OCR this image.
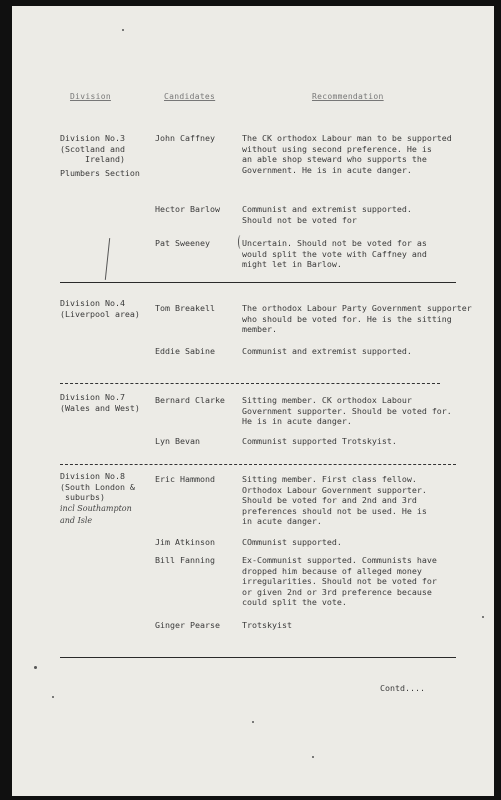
Division	Candidates	Recommendation
Division No.3
(Scotland and
Ireland)
Plumbers Section
John Caffney	The CK orthodox Labour man to be supported
without using second preference. He is
an able shop steward who supports the
Government. He is in acute danger.
Hector Barlow	Communist and extremist supported.
Should not be voted for
Pat Sweeney	Uncertain. Should not be voted for as
would split the vote with Caffney and
might let in Barlow.
Division No.4
(Liverpool area)
Tom Breakell	The orthodox Labour Party Government supporter
who should be voted for. He is the sitting
member.
Eddie Sabine	Communist and extremist supported.
Division No.7
(Wales and West)
Bernard Clarke	Sitting member. CK orthodox Labour
Government supporter. Should be voted for.
He is in acute danger.
Lyn Bevan	Communist supported Trotskyist.
Division No.8
(South London &
suburbs)
incl Southampton
and Isle
Eric Hammond	Sitting member. First class fellow.
Orthodox Labour Government supporter.
Should be voted for and 2nd and 3rd
preferences should not be used. He is
in acute danger.
Jim Atkinson	COmmunist supported.
Bill Fanning	Ex-Communist supported. Communists have
dropped him because of alleged money
irregularities. Should not be voted for
or given 2nd or 3rd preference because
could split the vote.
Ginger Pearse	Trotskyist
Contd....
